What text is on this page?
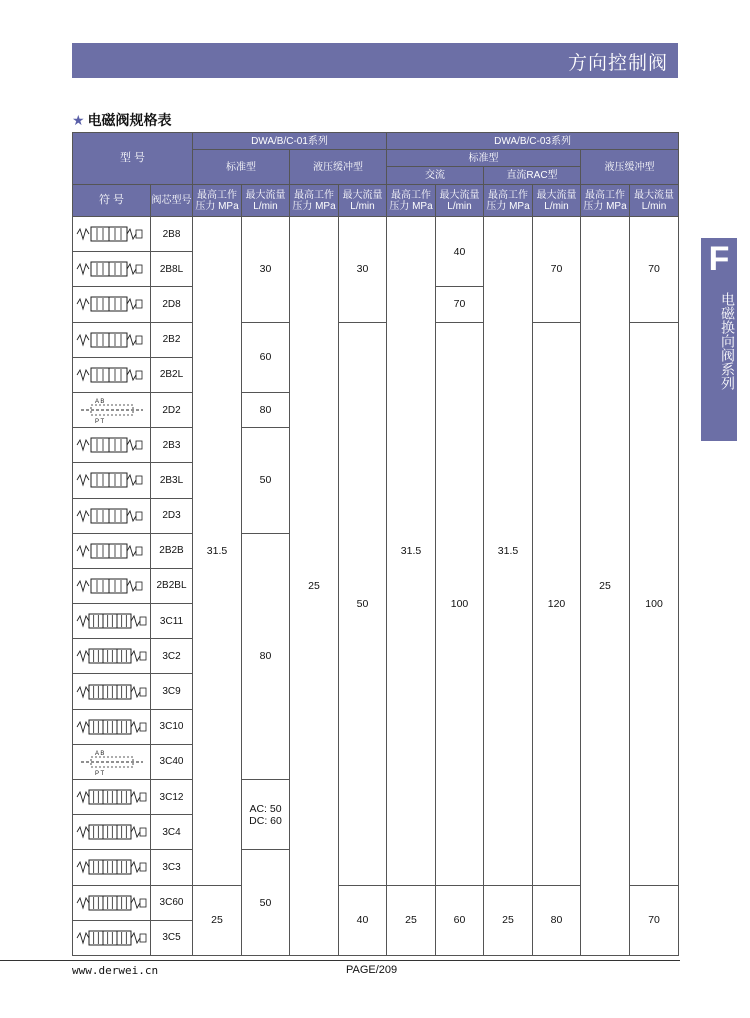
方向控制阀
★ 电磁阀规格表
型 号		DWA/B/C-01系列				DWA/B/C-03系列					
		标准型		液压缓冲型		标准型				液压缓冲型	
						交流		直流RAC型			
符 号	阀芯型号	最高工作压力 MPa	最大流量 L/min	最高工作压力 MPa	最大流量 L/min	最高工作压力 MPa	最大流量 L/min	最高工作压力 MPa	最大流量 L/min	最高工作压力 MPa	最大流量 L/min

	2B8	31.5	30	25	30	31.5	40	31.5	70	25	70

	2B8L										

	2D8						70				

	2B2		60		50		100		120		100

	2B2L										

A B
P T	2D2		80								

	2B3		50								

	2B3L										

	2D3										

	2B2B		80								

	2B2BL										

	3C11										

	3C2										

	3C9										

	3C10										

A B
P T	3C40										

	3C12		AC: 50 DC: 60								

	3C4										

	3C3		50								

	3C60	25			40	25	60	25	80		70

	3C5										
F
电磁换向阀系列
www.derwei.cn	PAGE/209
